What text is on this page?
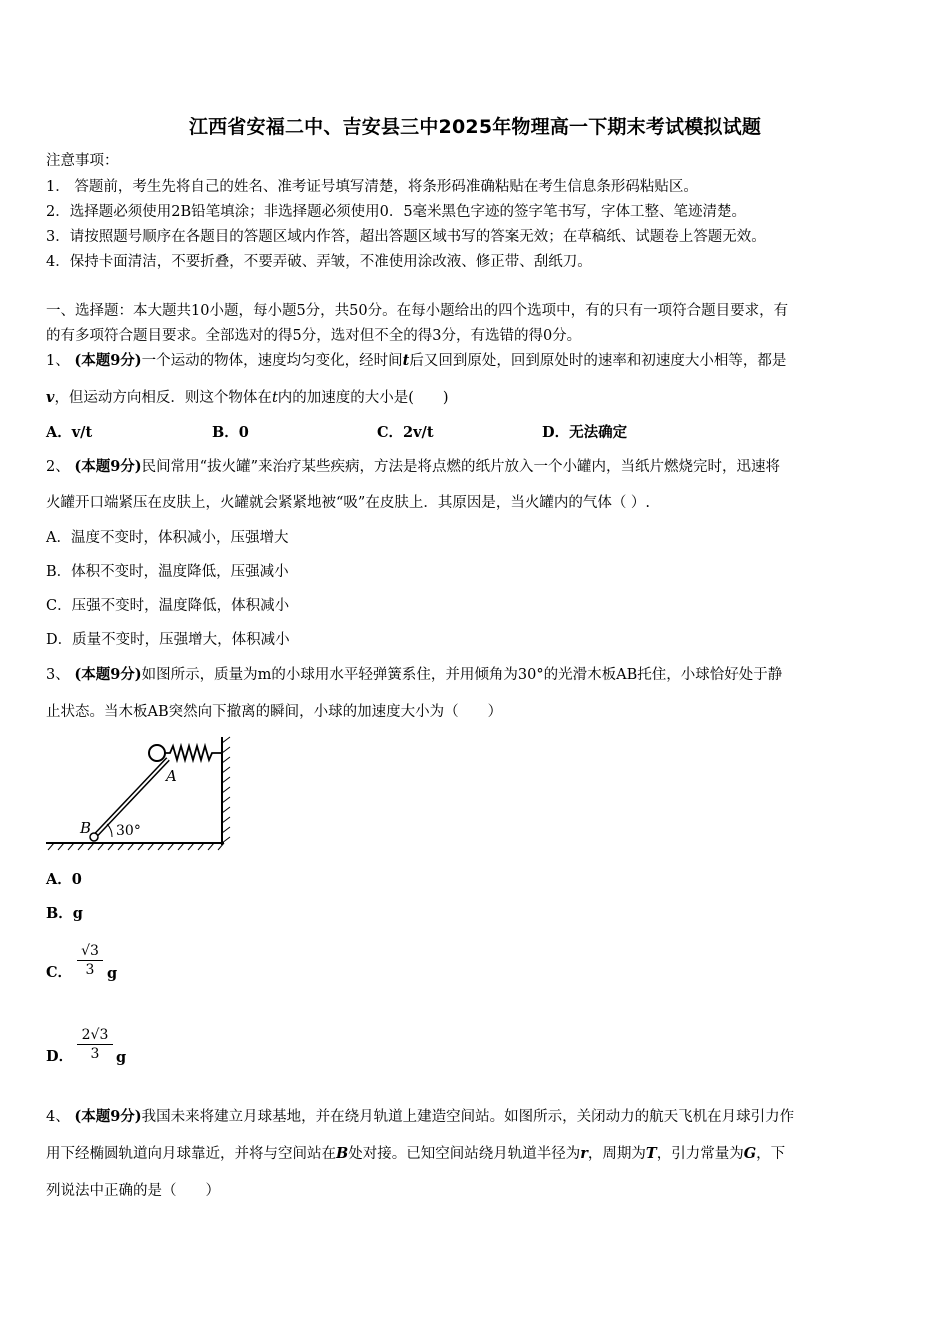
江西省安福二中、吉安县三中2025年物理高一下期末考试模拟试题
注意事项：
1． 答题前，考生先将自己的姓名、准考证号填写清楚，将条形码准确粘贴在考生信息条形码粘贴区。
2．选择题必须使用2B铅笔填涂；非选择题必须使用0．5毫米黑色字迹的签字笔书写，字体工整、笔迹清楚。
3．请按照题号顺序在各题目的答题区域内作答，超出答题区域书写的答案无效；在草稿纸、试题卷上答题无效。
4．保持卡面清洁，不要折叠，不要弄破、弄皱，不准使用涂改液、修正带、刮纸刀。
一、选择题：本大题共10小题，每小题5分，共50分。在每小题给出的四个选项中，有的只有一项符合题目要求，有
的有多项符合题目要求。全部选对的得5分，选对但不全的得3分，有选错的得0分。
1、 (本题9分)一个运动的物体，速度均匀变化，经时间t后又回到原处，回到原处时的速率和初速度大小相等，都是
v，但运动方向相反．则这个物体在t内的加速度的大小是(　　)
A．v/t	B．0	C．2v/t	D．无法确定
2、 (本题9分)民间常用“拔火罐”来治疗某些疾病，方法是将点燃的纸片放入一个小罐内，当纸片燃烧完时，迅速将
火罐开口端紧压在皮肤上，火罐就会紧紧地被“吸”在皮肤上．其原因是，当火罐内的气体（ ）.
A．温度不变时，体积减小，压强增大
B．体积不变时，温度降低，压强减小
C．压强不变时，温度降低，体积减小
D．质量不变时，压强增大，体积减小
3、 (本题9分)如图所示，质量为m的小球用水平轻弹簧系住，并用倾角为30°的光滑木板AB托住，小球恰好处于静
止状态。当木板AB突然向下撤离的瞬间，小球的加速度大小为（　　）
A
B 30°
A．0
B．g
C． $\frac{√3}{3}$ g
D． $\frac{2√3}{3}$ g
4、 (本题9分)我国未来将建立月球基地，并在绕月轨道上建造空间站。如图所示，关闭动力的航天飞机在月球引力作
用下经椭圆轨道向月球靠近，并将与空间站在B处对接。已知空间站绕月轨道半径为r，周期为T，引力常量为G，下
列说法中正确的是（　　）
